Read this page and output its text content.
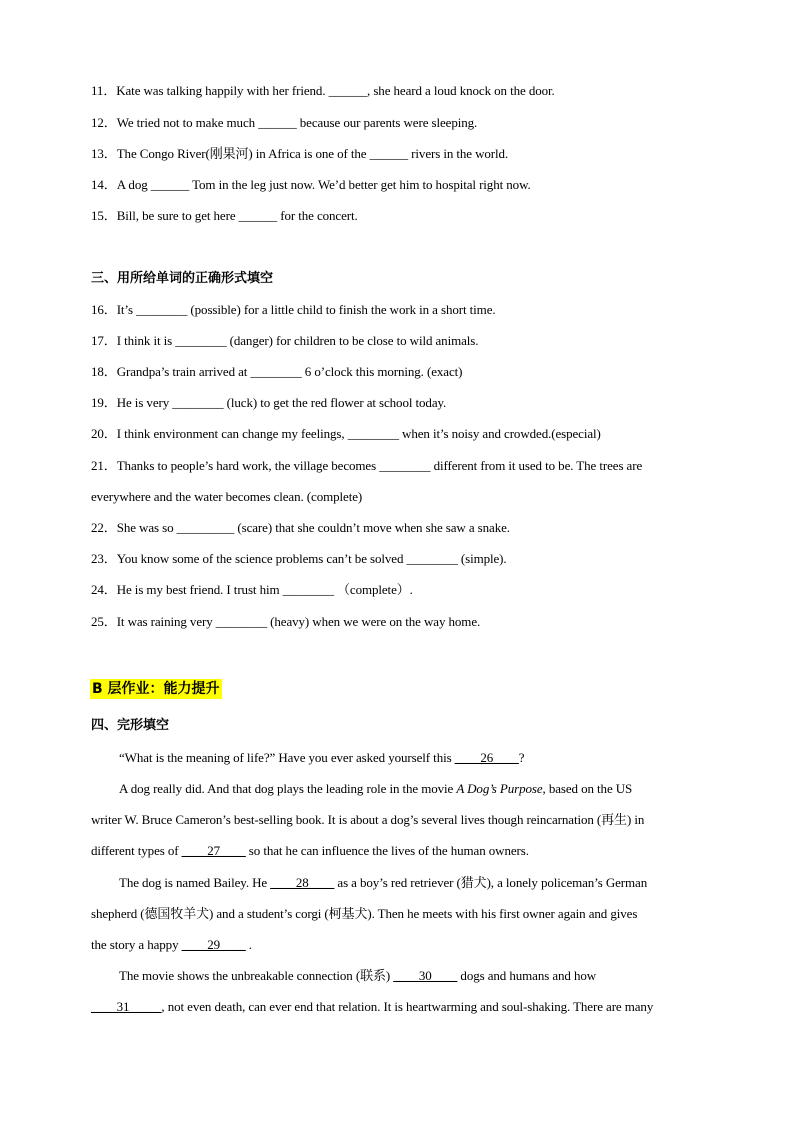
11．Kate was talking happily with her friend. ______, she heard a loud knock on the door.
12．We tried not to make much ______ because our parents were sleeping.
13．The Congo River(刚果河) in Africa is one of the ______ rivers in the world.
14．A dog ______ Tom in the leg just now. We’d better get him to hospital right now.
15．Bill, be sure to get here ______ for the concert.
三、用所给单词的正确形式填空
16．It’s ________ (possible) for a little child to finish the work in a short time.
17．I think it is ________ (danger) for children to be close to wild animals.
18．Grandpa’s train arrived at ________ 6 o’clock this morning. (exact)
19．He is very ________ (luck) to get the red flower at school today.
20．I think environment can change my feelings, ________ when it’s noisy and crowded.(especial)
21．Thanks to people’s hard work, the village becomes ________ different from it used to be. The trees are
everywhere and the water becomes clean. (complete)
22．She was so _________ (scare) that she couldn’t move when she saw a snake.
23．You know some of the science problems can’t be solved ________ (simple).
24．He is my best friend. I trust him ________ （complete）.
25．It was raining very ________ (heavy) when we were on the way home.
B 层作业：能力提升
四、完形填空
“What is the meaning of life?” Have you ever asked yourself this ____26____?
A dog really did. And that dog plays the leading role in the movie A Dog’s Purpose, based on the US
writer W. Bruce Cameron’s best-selling book. It is about a dog’s several lives though reincarnation (再生) in
different types of ____27____ so that he can influence the lives of the human owners.
The dog is named Bailey. He ____28____ as a boy’s red retriever (猎犬), a lonely policeman’s German
shepherd (德国牧羊犬) and a student’s corgi (柯基犬). Then he meets with his first owner again and gives
the story a happy ____29____ .
The movie shows the unbreakable connection (联系) ____30____ dogs and humans and how
____31_____, not even death, can ever end that relation. It is heartwarming and soul-shaking. There are many
